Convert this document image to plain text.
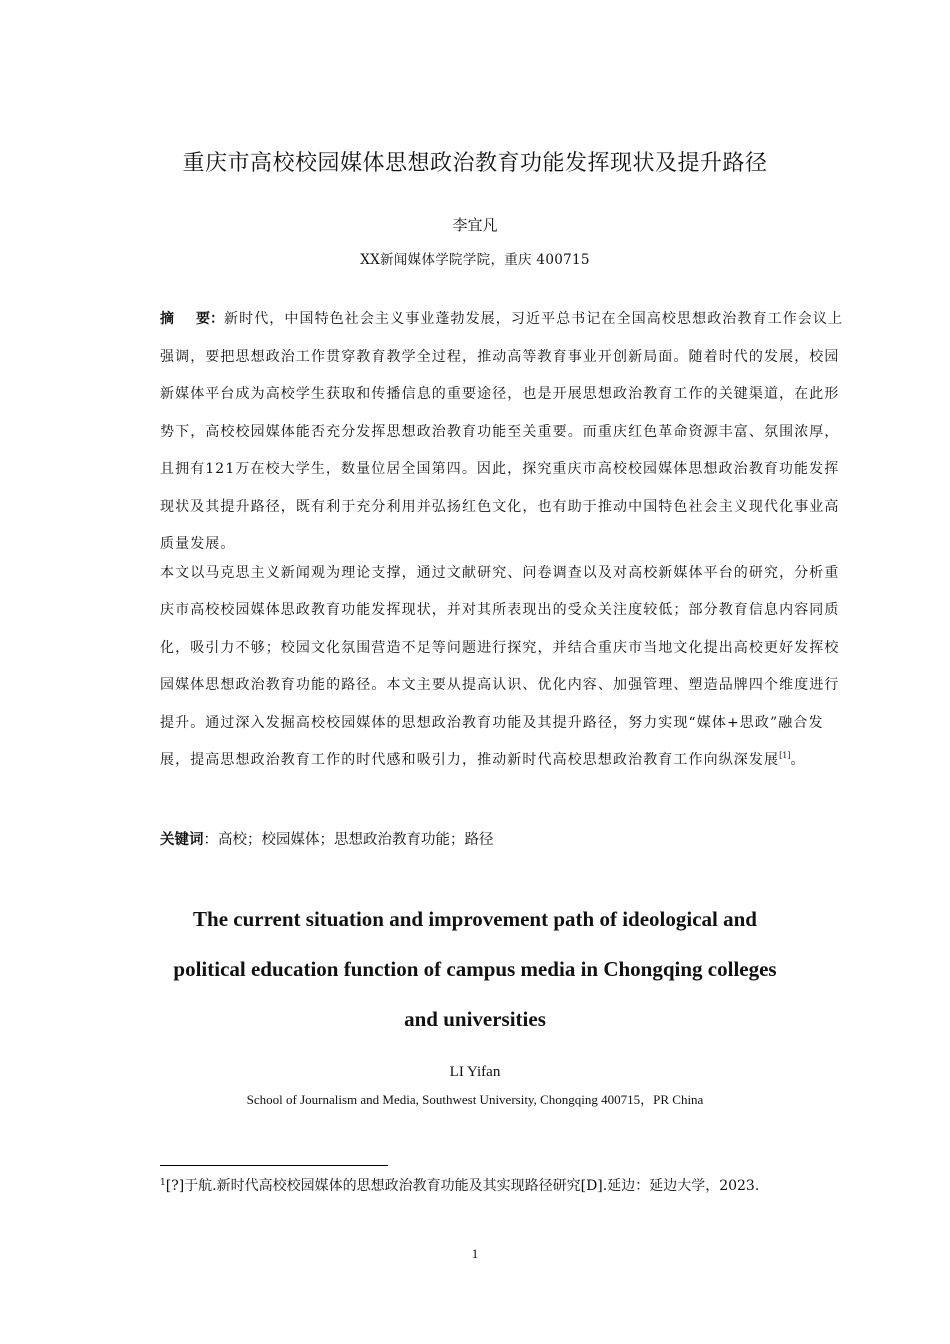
重庆市高校校园媒体思想政治教育功能发挥现状及提升路径
李宜凡
XX新闻媒体学院学院，重庆 400715

摘 要：新时代，中国特色社会主义事业蓬勃发展，习近平总书记在全国高校思想政治教育工作会议上强调，要把思想政治工作贯穿教育教学全过程，推动高等教育事业开创新局面。随着时代的发展，校园新媒体平台成为高校学生获取和传播信息的重要途径，也是开展思想政治教育工作的关键渠道，在此形势下，高校校园媒体能否充分发挥思想政治教育功能至关重要。而重庆红色革命资源丰富、氛围浓厚，且拥有121万在校大学生，数量位居全国第四。因此，探究重庆市高校校园媒体思想政治教育功能发挥现状及其提升路径，既有利于充分利用并弘扬红色文化，也有助于推动中国特色社会主义现代化事业高质量发展。

本文以马克思主义新闻观为理论支撑，通过文献研究、问卷调查以及对高校新媒体平台的研究，分析重庆市高校校园媒体思政教育功能发挥现状，并对其所表现出的受众关注度较低；部分教育信息内容同质化，吸引力不够；校园文化氛围营造不足等问题进行探究，并结合重庆市当地文化提出高校更好发挥校园媒体思想政治教育功能的路径。本文主要从提高认识、优化内容、加强管理、塑造品牌四个维度进行提升。通过深入发掘高校校园媒体的思想政治教育功能及其提升路径，努力实现“媒体+思政”融合发展，提高思想政治教育工作的时代感和吸引力，推动新时代高校思想政治教育工作向纵深发展[1]。

关键词：高校；校园媒体；思想政治教育功能；路径
The current situation and improvement path of ideological and
political education function of campus media in Chongqing colleges
and universities
LI Yifan
School of Journalism and Media, Southwest University, Chongqing 400715，PR China
$^1$[?]于航.新时代高校校园媒体的思想政治教育功能及其实现路径研究[D].延边：延边大学，2023.
1
